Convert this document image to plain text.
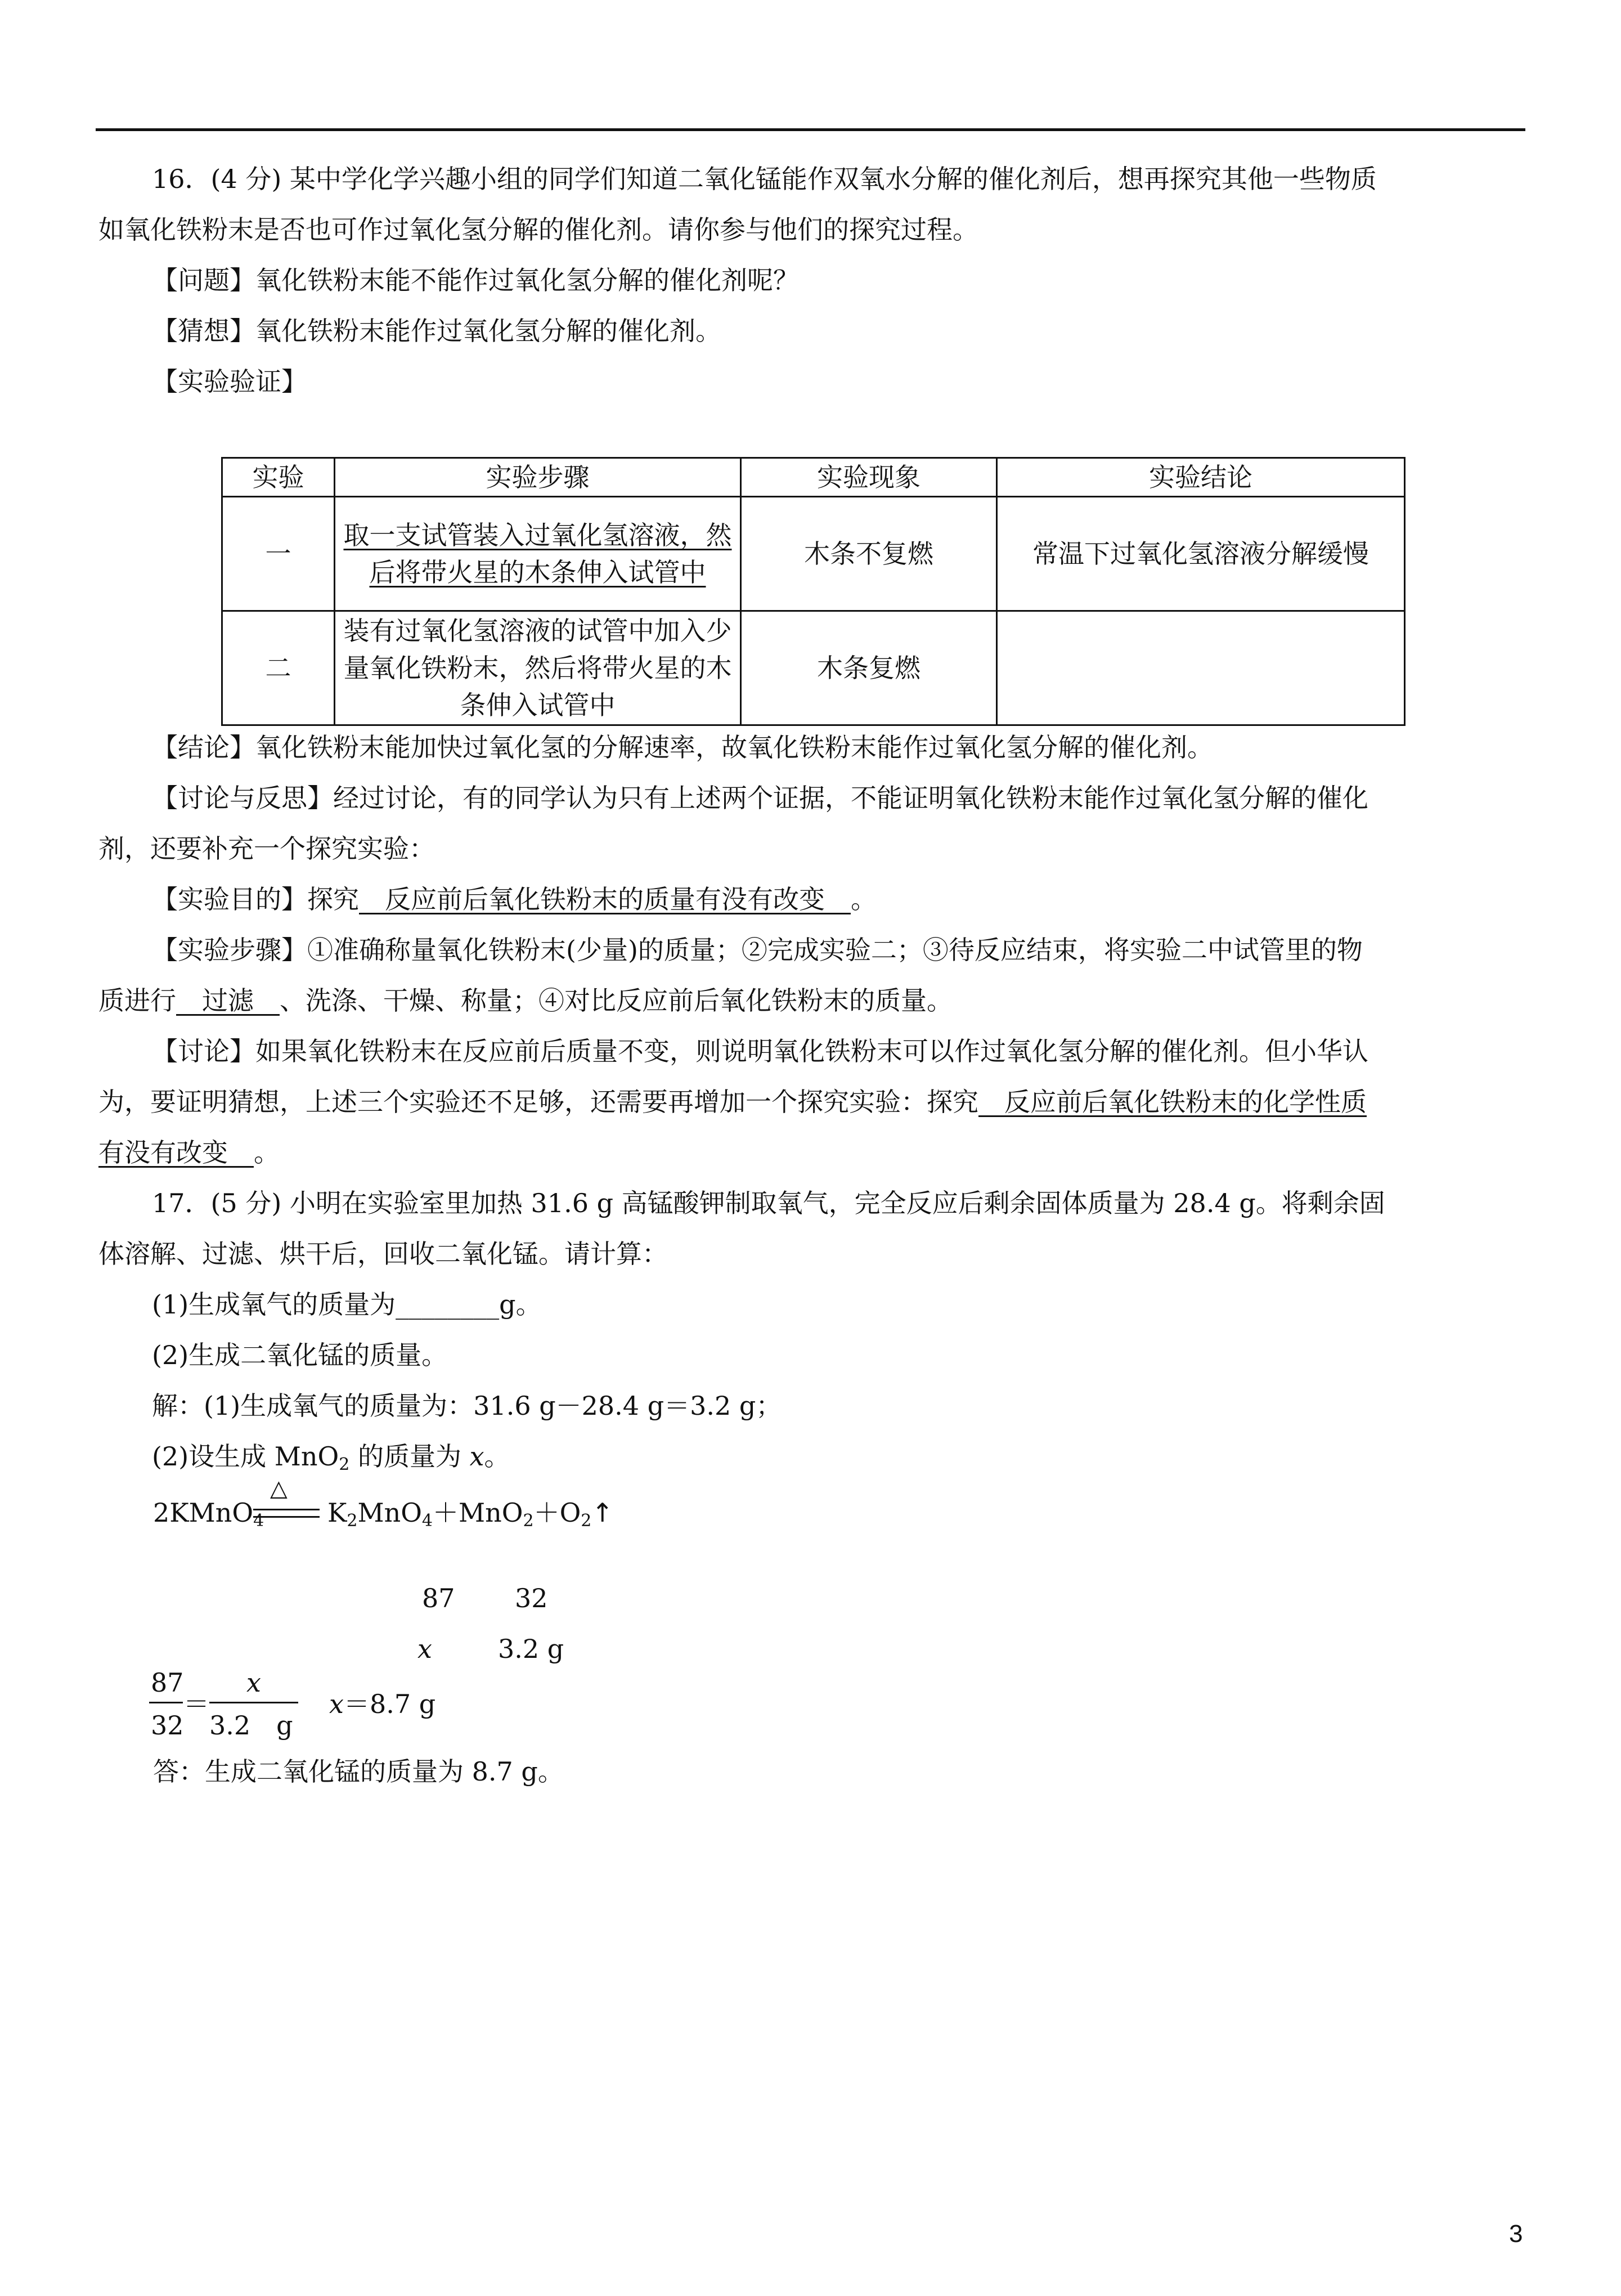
16．(4 分) 某中学化学兴趣小组的同学们知道二氧化锰能作双氧水分解的催化剂后，想再探究其他一些物质
如氧化铁粉末是否也可作过氧化氢分解的催化剂。请你参与他们的探究过程。
【问题】氧化铁粉末能不能作过氧化氢分解的催化剂呢？
【猜想】氧化铁粉末能作过氧化氢分解的催化剂。
【实验验证】
实验	实验步骤	实验现象	实验结论
一	取一支试管装入过氧化氢溶液，然后将带火星的木条伸入试管中	木条不复燃	常温下过氧化氢溶液分解缓慢
二	装有过氧化氢溶液的试管中加入少量氧化铁粉末，然后将带火星的木条伸入试管中	木条复燃	
【结论】氧化铁粉末能加快过氧化氢的分解速率，故氧化铁粉末能作过氧化氢分解的催化剂。
【讨论与反思】经过讨论，有的同学认为只有上述两个证据，不能证明氧化铁粉末能作过氧化氢分解的催化
剂，还要补充一个探究实验：
【实验目的】探究　 反应前后氧化铁粉末的质量有没有改变　 。
【实验步骤】①准确称量氧化铁粉末(少量)的质量；②完成实验二；③待反应结束，将实验二中试管里的物
质进行　 过滤　 、洗涤、干燥、称量；④对比反应前后氧化铁粉末的质量。
【讨论】如果氧化铁粉末在反应前后质量不变，则说明氧化铁粉末可以作过氧化氢分解的催化剂。但小华认
为，要证明猜想，上述三个实验还不足够，还需要再增加一个探究实验：探究　 反应前后氧化铁粉末的化学性质
有没有改变　 。
17．(5 分) 小明在实验室里加热 31.6 g 高锰酸钾制取氧气，完全反应后剩余固体质量为 28.4 g。将剩余固
体溶解、过滤、烘干后，回收二氧化锰。请计算：
(1)生成氧气的质量为________g。
(2)生成二氧化锰的质量。
解：(1)生成氧气的质量为：31.6 g－28.4 g＝3.2 g；
(2)设生成 MnO$_2$ 的质量为 x。
△
2KMnO$_4$ $K_2MnO_4+MnO_2+O_2↑$
87 32
x	3.2 g
87
32
＝
x
3.2　g
x＝8.7 g
答：生成二氧化锰的质量为 8.7 g。
3
